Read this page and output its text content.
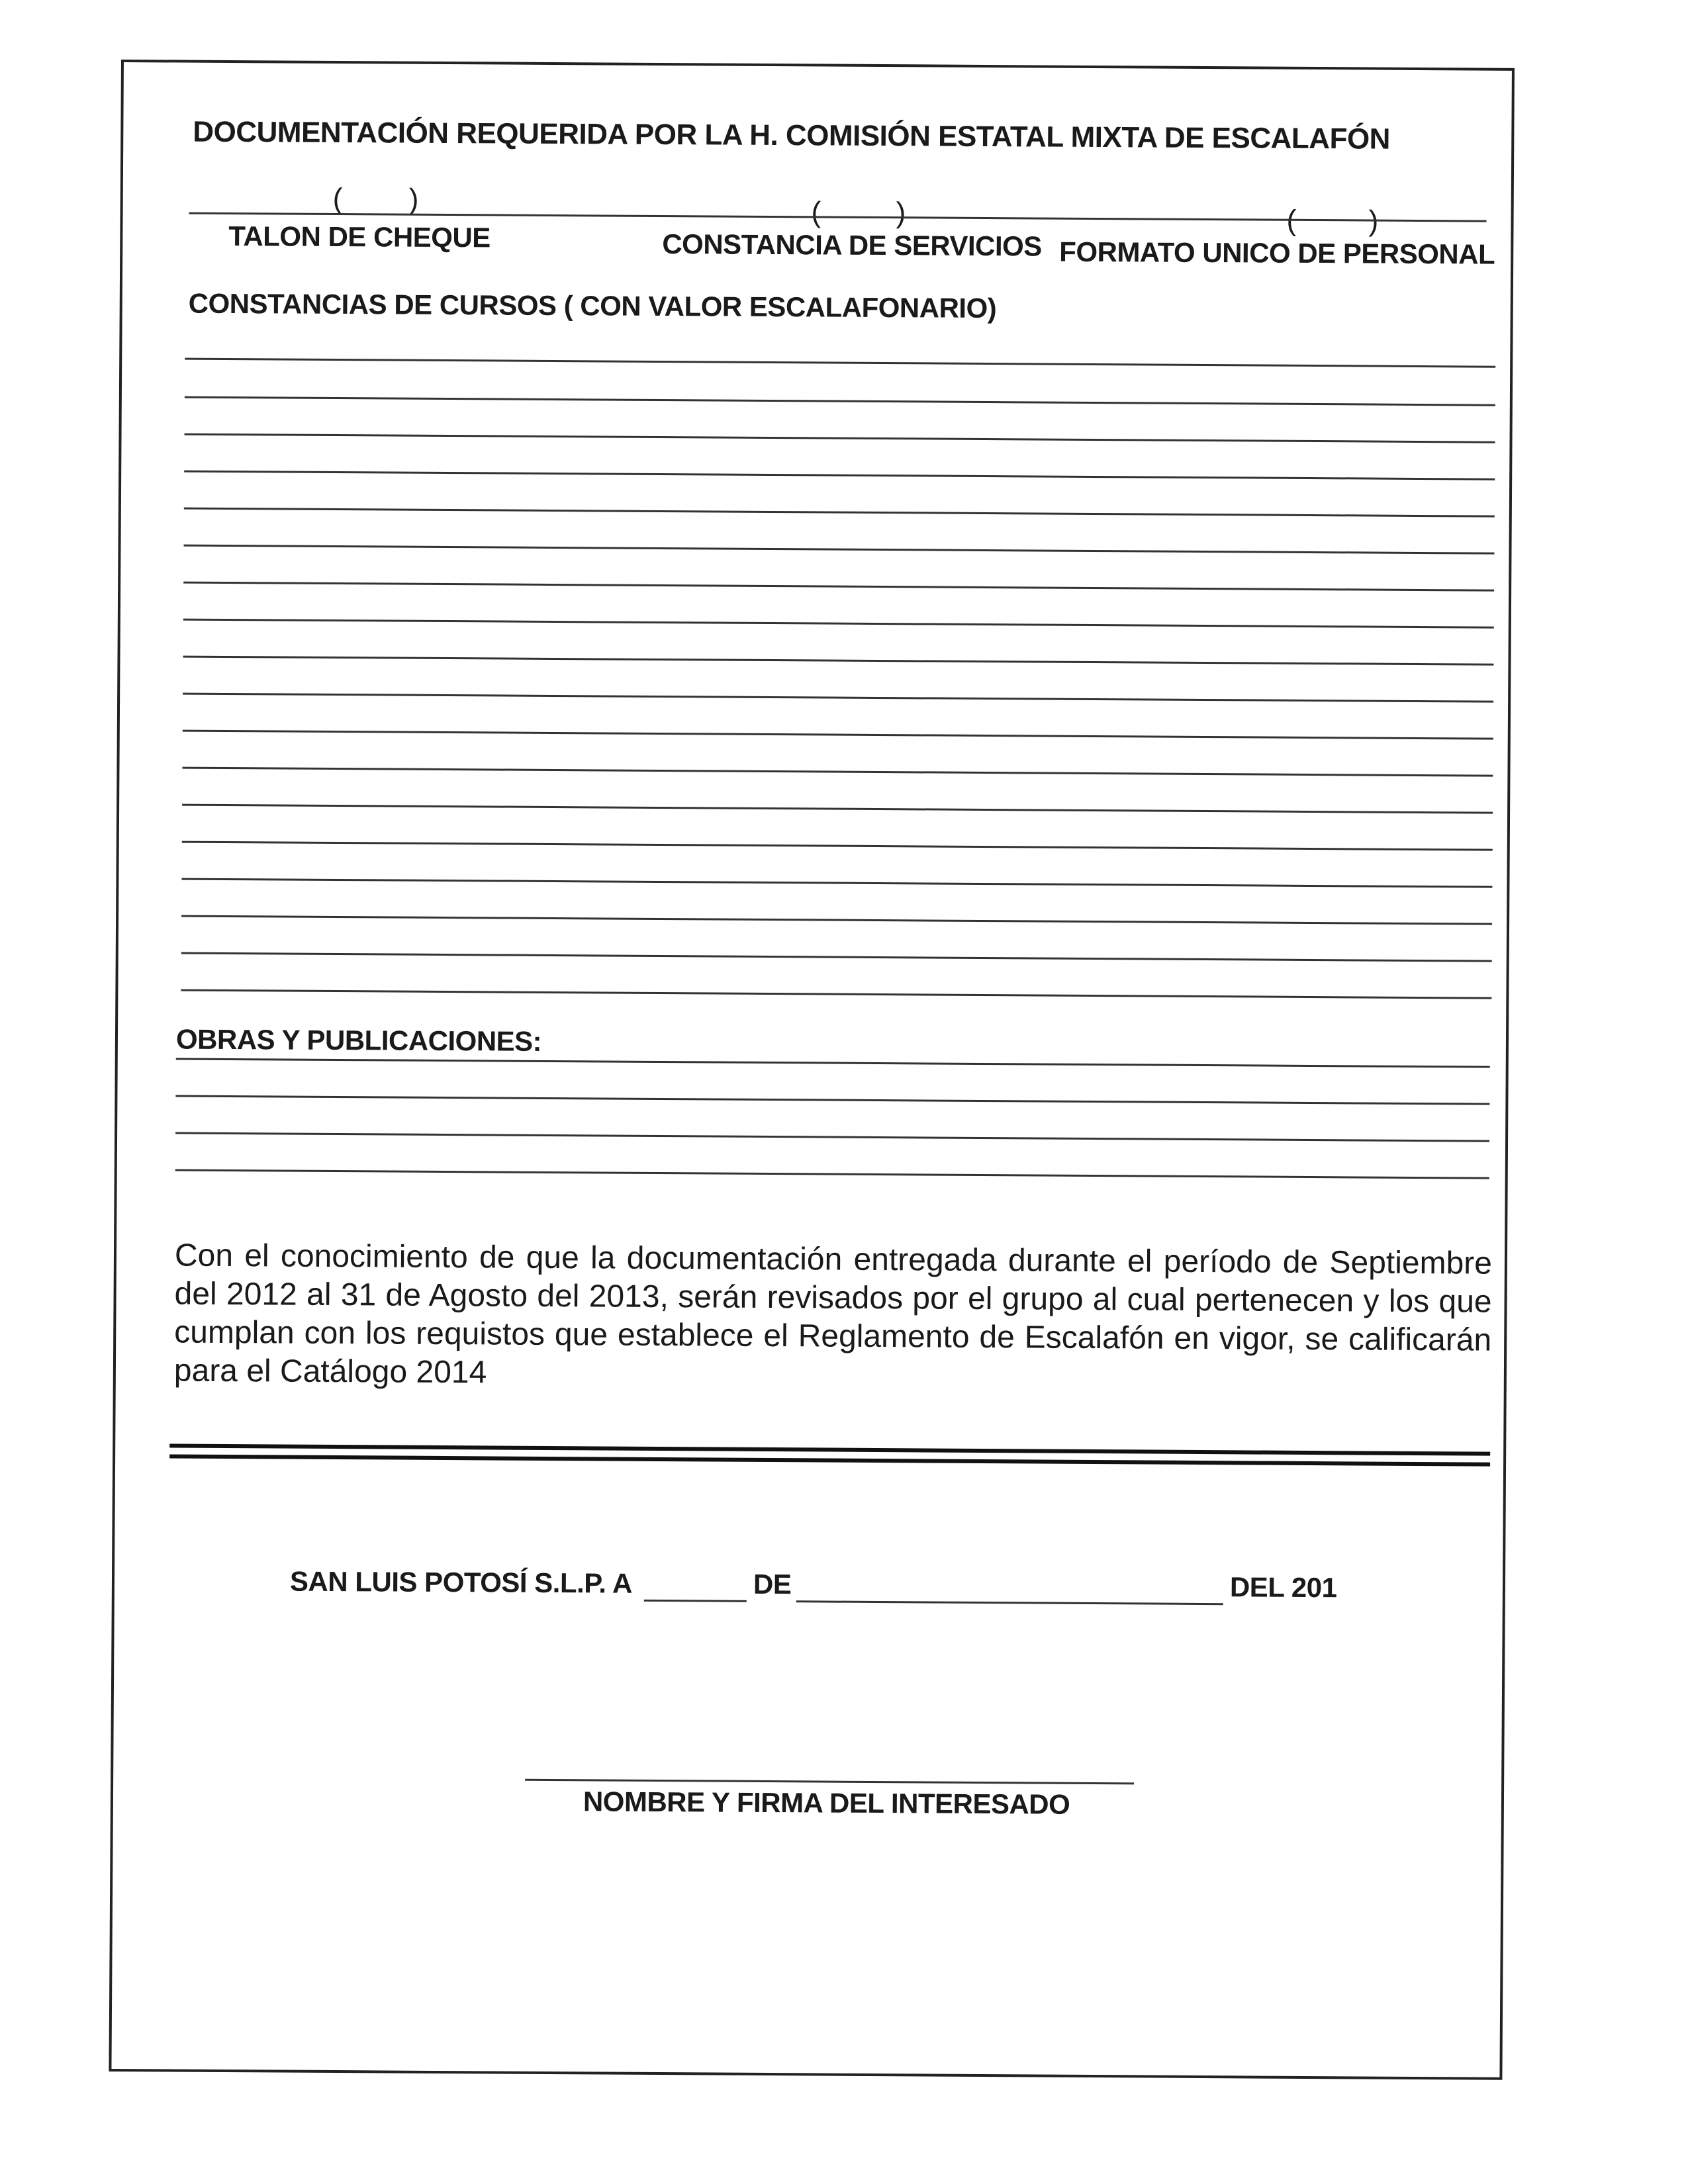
DOCUMENTACIÓN REQUERIDA POR LA H. COMISIÓN ESTATAL MIXTA DE ESCALAFÓN
( )	(	)	( )
TALON DE CHEQUE	CONSTANCIA DE SERVICIOS FORMATO UNICO DE PERSONAL
CONSTANCIAS DE CURSOS ( CON VALOR ESCALAFONARIO)
OBRAS Y PUBLICACIONES:
Con el conocimiento de que la documentación entregada durante el período de Septiembre del 2012 al 31 de Agosto del 2013, serán revisados por el grupo al cual pertenecen y los que cumplan con los requistos que establece el Reglamento de Escalafón en vigor, se calificarán para el Catálogo 2014
SAN LUIS POTOSÍ S.L.P. A	DE	DEL 201
NOMBRE Y FIRMA DEL INTERESADO
